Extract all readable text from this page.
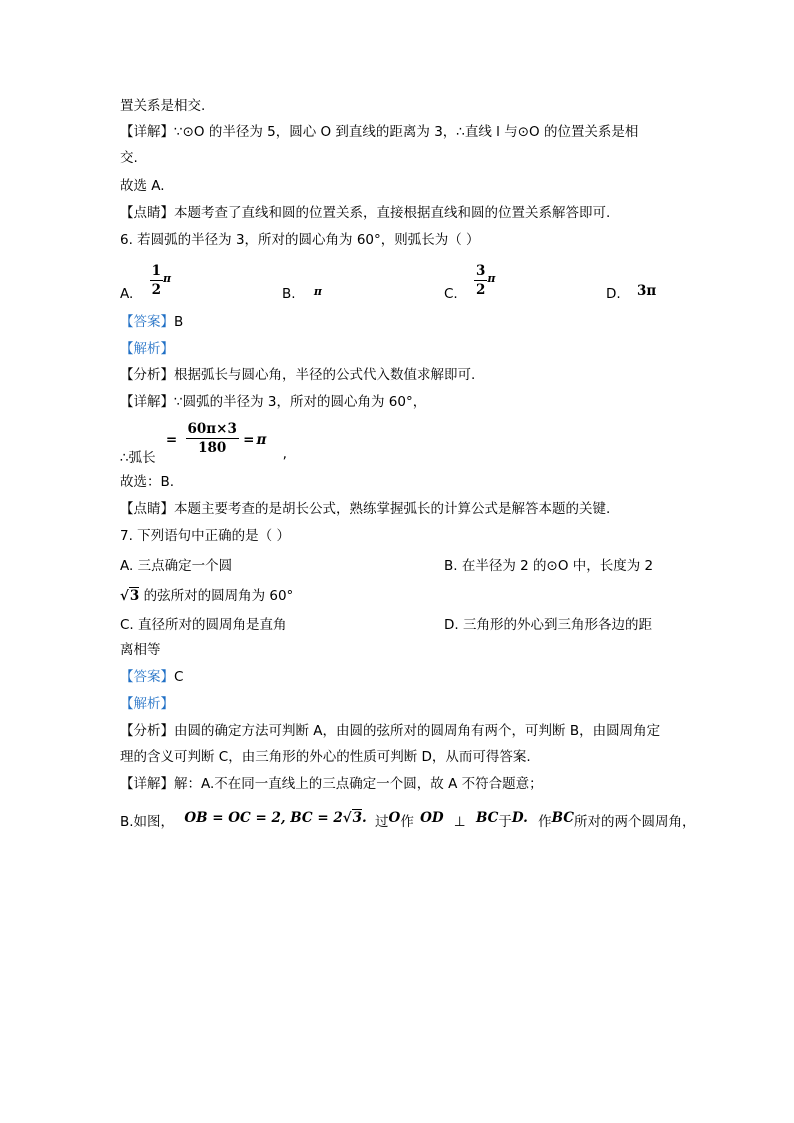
置关系是相交.
【详解】∵⊙O 的半径为 5，圆心 O 到直线的距离为 3，∴直线 l 与⊙O 的位置关系是相
交.
故选 A.
【点睛】本题考查了直线和圆的位置关系，直接根据直线和圆的位置关系解答即可.
6. 若圆弧的半径为 3，所对的圆心角为 60°，则弧长为（ ）
A. $\frac{1}{2}$ π
B. $^\pi$	C. $\frac{3}{2}$ π
D. 3π
【答案】B
【解析】
【分析】根据弧长与圆心角，半径的公式代入数值求解即可.
【详解】∵圆弧的半径为 3，所对的圆心角为 60°，
∴弧长 = $\frac{60\pi\times 3}{180} = \pi$ ,
故选：B.
【点睛】本题主要考查的是胡长公式，熟练掌握弧长的计算公式是解答本题的关键.
7. 下列语句中正确的是（ ）
A. 三点确定一个圆	B. 在半径为 2 的⊙O 中，长度为 2
√3 的弦所对的圆周角为 60°
C. 直径所对的圆周角是直角	D. 三角形的外心到三角形各边的距
离相等
【答案】C
【解析】
【分析】由圆的确定方法可判断 A，由圆的弦所对的圆周角有两个，可判断 B，由圆周角定
理的含义可判断 C，由三角形的外心的性质可判断 D，从而可得答案.
【详解】解：A.不在同一直线上的三点确定一个圆，故 A 不符合题意；
B.如图， OB = OC = 2, BC = 2√3. 过O作 OD ⊥ BC于D. 作BC所对的两个圆周角，
